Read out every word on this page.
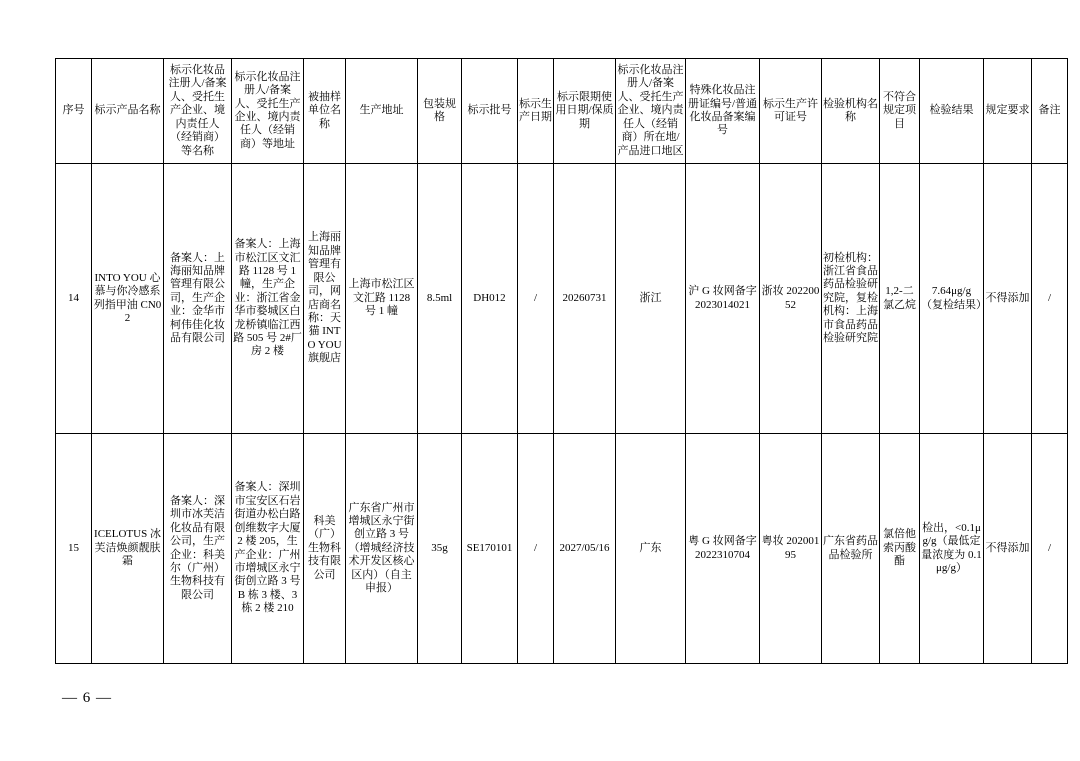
序号	标示产品名称	标示化妆品注册人/备案人、受托生产企业、境内责任人（经销商）等名称	标示化妆品注册人/备案人、受托生产企业、境内责任人（经销商）等地址	被抽样单位名称	生产地址	包装规格	标示批号	标示生产日期	标示限期使用日期/保质期	标示化妆品注册人/备案人、受托生产企业、境内责任人（经销商）所在地/产品进口地区	特殊化妆品注册证编号/普通化妆品备案编号	标示生产许可证号	检验机构名称	不符合规定项目	检验结果	规定要求	备注
14	INTO YOU 心慕与你冷感系列指甲油 CN02	备案人：上海丽知品牌管理有限公司，生产企业：金华市柯伟佳化妆品有限公司	备案人：上海市松江区文汇路 1128 号 1 幢，生产企业：浙江省金华市婺城区白龙桥镇临江西路 505 号 2#厂房 2 楼	上海丽知品牌管理有限公司，网店商名称：天猫 INTO YOU 旗舰店	上海市松江区文汇路 1128 号 1 幢	8.5ml	DH012	/	20260731	浙江	沪 G 妆网备字 2023014021	浙妆 20220052	初检机构：浙江省食品药品检验研究院，复检机构：上海市食品药品检验研究院	1,2-二氯乙烷	7.64μg/g（复检结果）	不得添加	/
15	ICELOTUS 冰芙洁焕颜靓肤霜	备案人：深圳市冰芙洁化妆品有限公司，生产企业：科美尔（广州）生物科技有限公司	备案人：深圳市宝安区石岩街道办松白路创维数字大厦 2 楼 205，生产企业：广州市增城区永宁街创立路 3 号 B 栋 3 楼、3 栋 2 楼 210	科美（广）生物科技有限公司	广东省广州市增城区永宁街创立路 3 号（增城经济技术开发区核心区内）（自主申报）	35g	SE170101	/	2027/05/16	广东	粤 G 妆网备字 2022310704	粤妆 20200195	广东省药品品检验所	氯倍他索丙酸酯	检出，<0.1μg/g（最低定量浓度为 0.1μg/g）	不得添加	/
— 6 —
